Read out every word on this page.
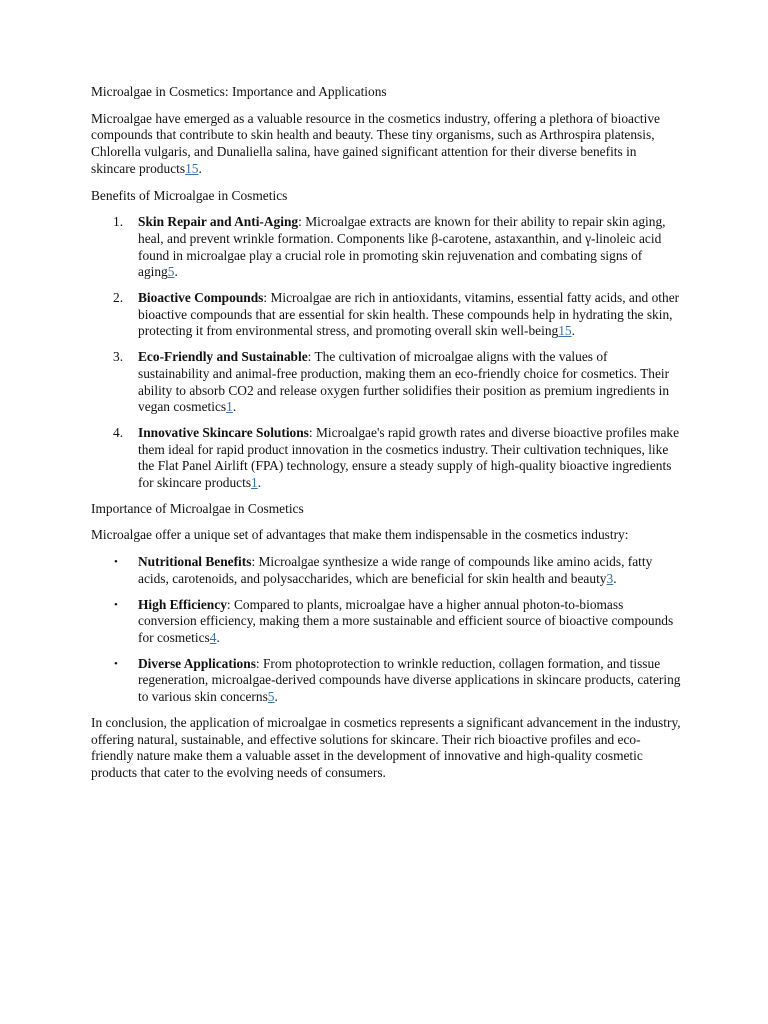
Microalgae in Cosmetics: Importance and Applications

Microalgae have emerged as a valuable resource in the cosmetics industry, offering a plethora of bioactive compounds that contribute to skin health and beauty. These tiny organisms, such as Arthrospira platensis, Chlorella vulgaris, and Dunaliella salina, have gained significant attention for their diverse benefits in skincare products15.

Benefits of Microalgae in Cosmetics

1. Skin Repair and Anti-Aging: Microalgae extracts are known for their ability to repair skin aging, heal, and prevent wrinkle formation. Components like β-carotene, astaxanthin, and γ-linoleic acid found in microalgae play a crucial role in promoting skin rejuvenation and combating signs of aging5.
2. Bioactive Compounds: Microalgae are rich in antioxidants, vitamins, essential fatty acids, and other bioactive compounds that are essential for skin health. These compounds help in hydrating the skin, protecting it from environmental stress, and promoting overall skin well-being15.
3. Eco-Friendly and Sustainable: The cultivation of microalgae aligns with the values of sustainability and animal-free production, making them an eco-friendly choice for cosmetics. Their ability to absorb CO2 and release oxygen further solidifies their position as premium ingredients in vegan cosmetics1.
4. Innovative Skincare Solutions: Microalgae's rapid growth rates and diverse bioactive profiles make them ideal for rapid product innovation in the cosmetics industry. Their cultivation techniques, like the Flat Panel Airlift (FPA) technology, ensure a steady supply of high-quality bioactive ingredients for skincare products1.

Importance of Microalgae in Cosmetics

Microalgae offer a unique set of advantages that make them indispensable in the cosmetics industry:

• Nutritional Benefits: Microalgae synthesize a wide range of compounds like amino acids, fatty acids, carotenoids, and polysaccharides, which are beneficial for skin health and beauty3.
• High Efficiency: Compared to plants, microalgae have a higher annual photon-to-biomass conversion efficiency, making them a more sustainable and efficient source of bioactive compounds for cosmetics4.
• Diverse Applications: From photoprotection to wrinkle reduction, collagen formation, and tissue regeneration, microalgae-derived compounds have diverse applications in skincare products, catering to various skin concerns5.

In conclusion, the application of microalgae in cosmetics represents a significant advancement in the industry, offering natural, sustainable, and effective solutions for skincare. Their rich bioactive profiles and eco-friendly nature make them a valuable asset in the development of innovative and high-quality cosmetic products that cater to the evolving needs of consumers.
